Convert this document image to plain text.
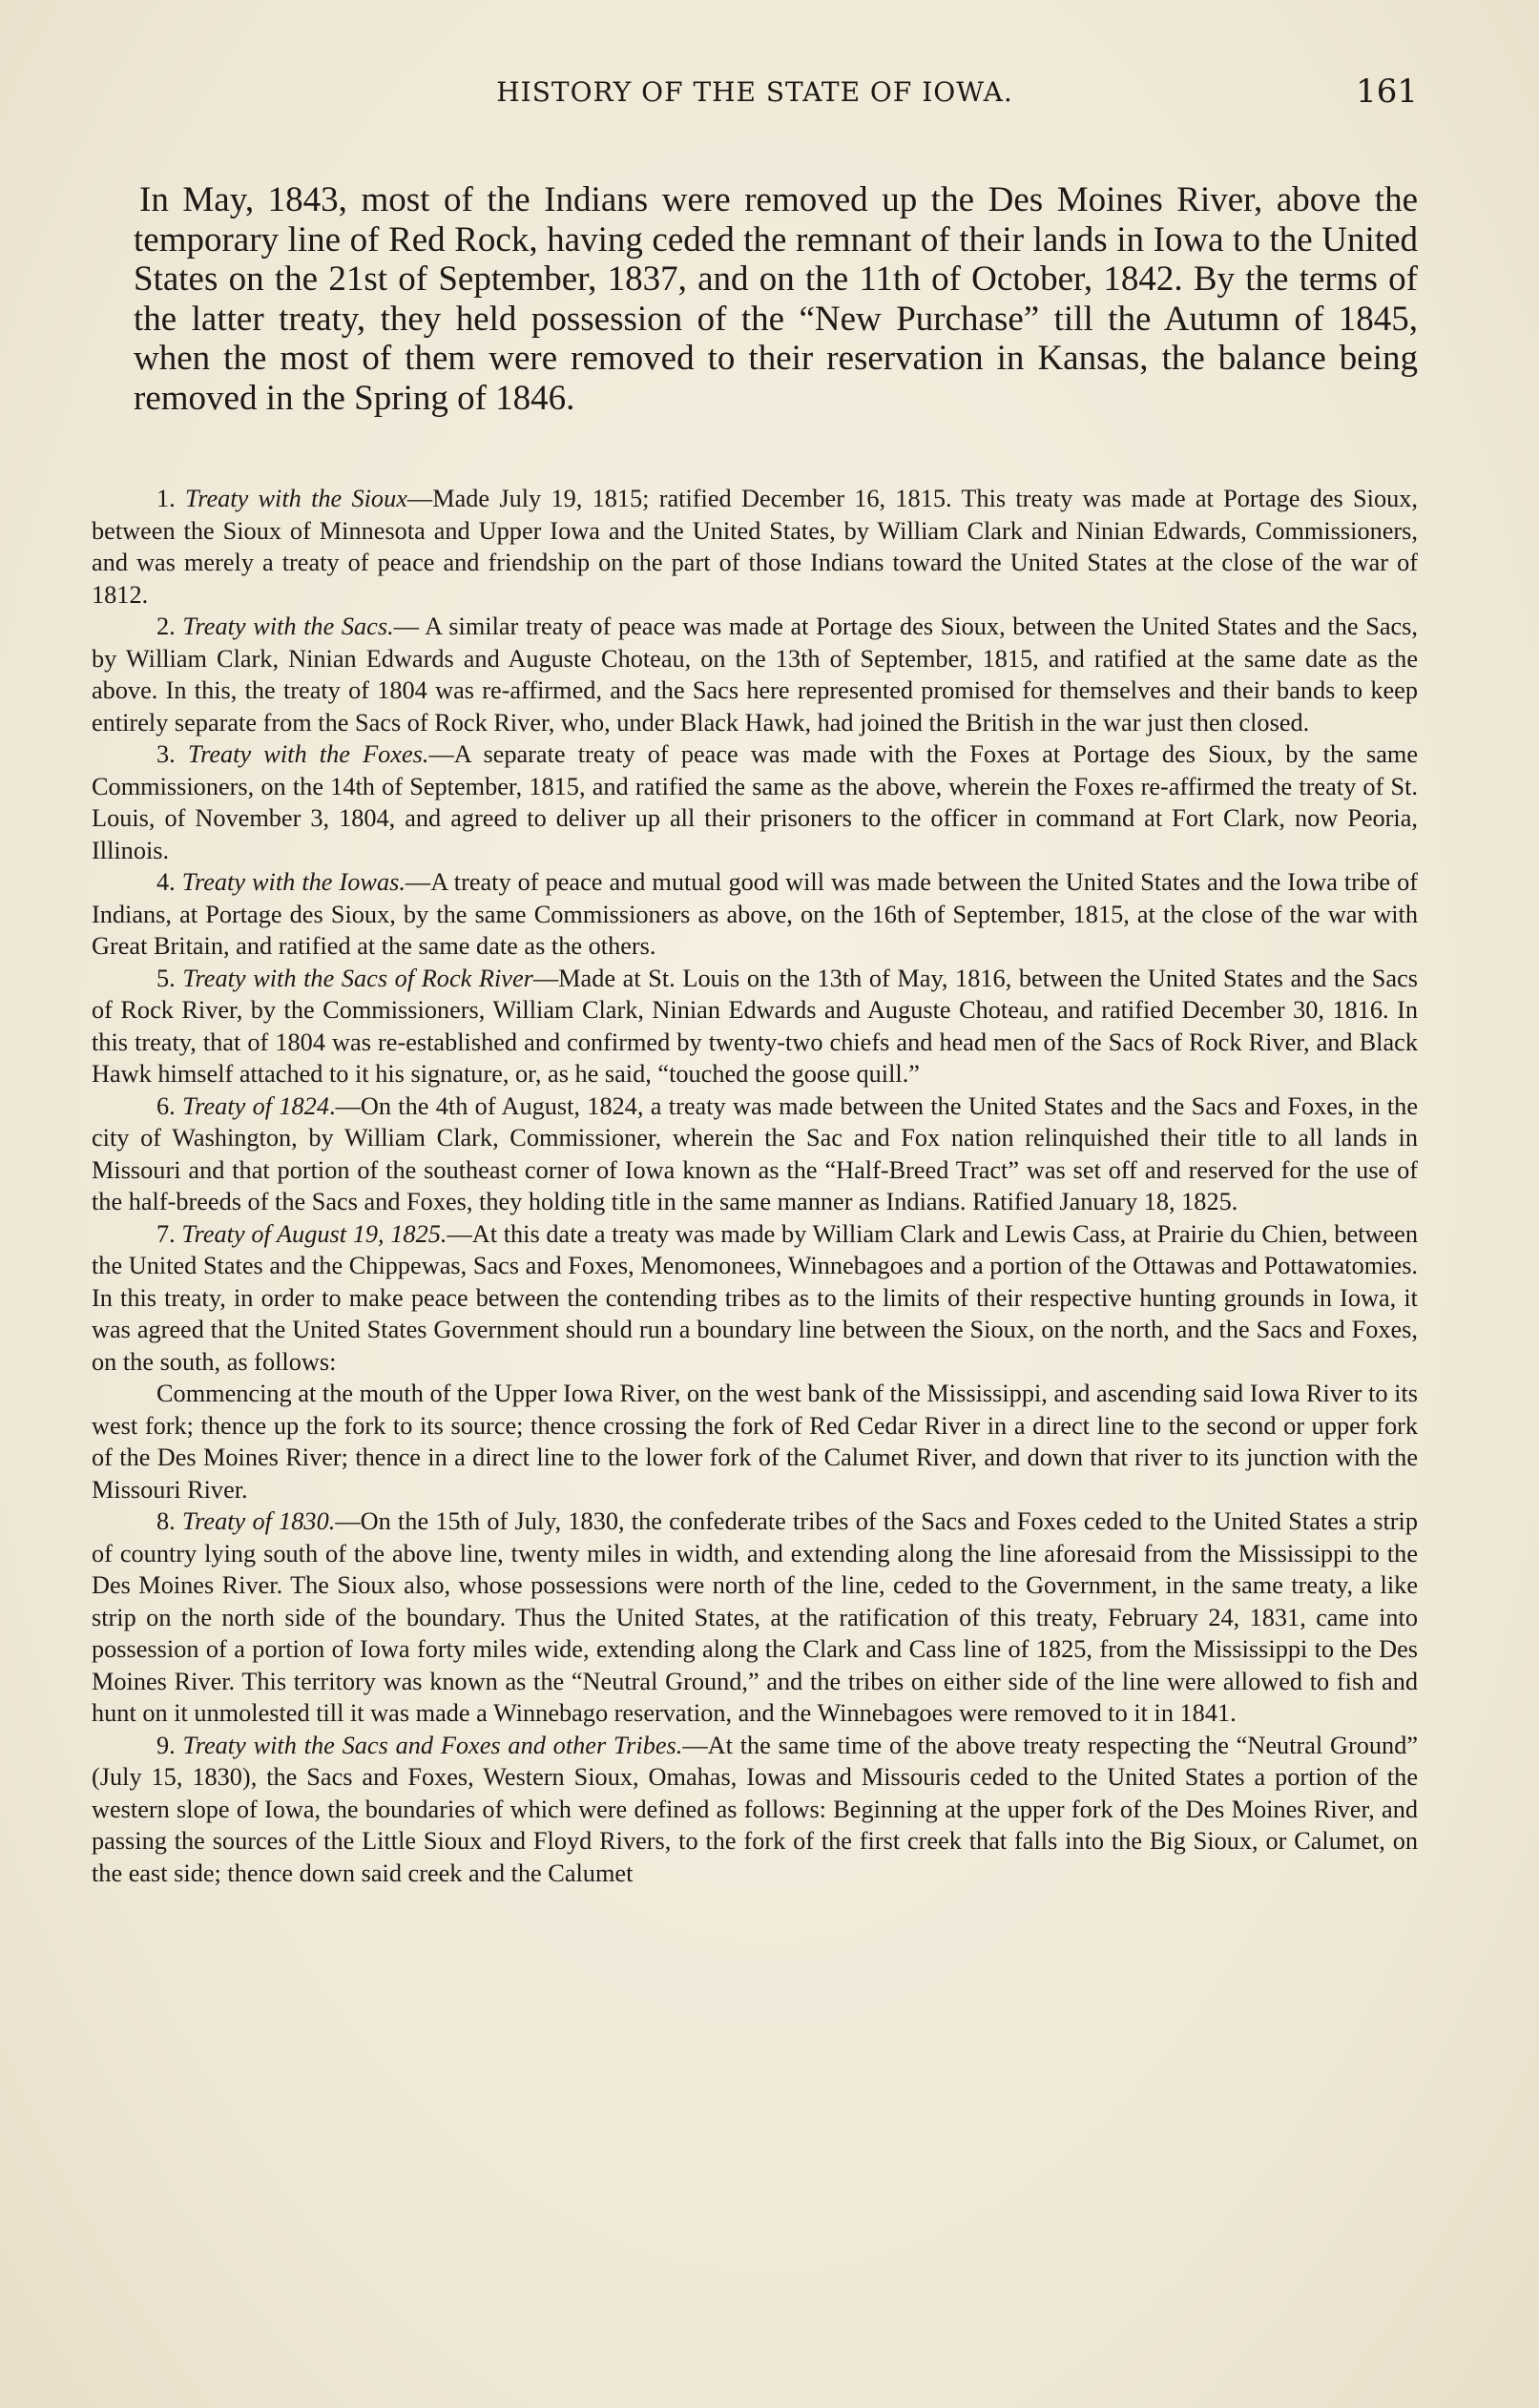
HISTORY OF THE STATE OF IOWA.	161

In May, 1843, most of the Indians were removed up the Des Moines River, above the temporary line of Red Rock, having ceded the remnant of their lands in Iowa to the United States on the 21st of September, 1837, and on the 11th of October, 1842. By the terms of the latter treaty, they held possession of the “New Purchase” till the Autumn of 1845, when the most of them were removed to their reservation in Kansas, the balance being removed in the Spring of 1846.

1. Treaty with the Sioux—Made July 19, 1815; ratified December 16, 1815. This treaty was made at Portage des Sioux, between the Sioux of Minnesota and Upper Iowa and the United States, by William Clark and Ninian Edwards, Commissioners, and was merely a treaty of peace and friendship on the part of those Indians toward the United States at the close of the war of 1812.

2. Treaty with the Sacs.— A similar treaty of peace was made at Portage des Sioux, between the United States and the Sacs, by William Clark, Ninian Edwards and Auguste Choteau, on the 13th of September, 1815, and ratified at the same date as the above. In this, the treaty of 1804 was re-affirmed, and the Sacs here represented promised for themselves and their bands to keep entirely separate from the Sacs of Rock River, who, under Black Hawk, had joined the British in the war just then closed.

3. Treaty with the Foxes.—A separate treaty of peace was made with the Foxes at Portage des Sioux, by the same Commissioners, on the 14th of September, 1815, and ratified the same as the above, wherein the Foxes re-affirmed the treaty of St. Louis, of November 3, 1804, and agreed to deliver up all their prisoners to the officer in command at Fort Clark, now Peoria, Illinois.

4. Treaty with the Iowas.—A treaty of peace and mutual good will was made between the United States and the Iowa tribe of Indians, at Portage des Sioux, by the same Commissioners as above, on the 16th of September, 1815, at the close of the war with Great Britain, and ratified at the same date as the others.

5. Treaty with the Sacs of Rock River—Made at St. Louis on the 13th of May, 1816, between the United States and the Sacs of Rock River, by the Commissioners, William Clark, Ninian Edwards and Auguste Choteau, and ratified December 30, 1816. In this treaty, that of 1804 was re-established and confirmed by twenty-two chiefs and head men of the Sacs of Rock River, and Black Hawk himself attached to it his signature, or, as he said, “touched the goose quill.”

6. Treaty of 1824.—On the 4th of August, 1824, a treaty was made between the United States and the Sacs and Foxes, in the city of Washington, by William Clark, Commissioner, wherein the Sac and Fox nation relinquished their title to all lands in Missouri and that portion of the southeast corner of Iowa known as the “Half-Breed Tract” was set off and reserved for the use of the half-breeds of the Sacs and Foxes, they holding title in the same manner as Indians. Ratified January 18, 1825.

7. Treaty of August 19, 1825.—At this date a treaty was made by William Clark and Lewis Cass, at Prairie du Chien, between the United States and the Chippewas, Sacs and Foxes, Menomonees, Winnebagoes and a portion of the Ottawas and Pottawatomies. In this treaty, in order to make peace between the contending tribes as to the limits of their respective hunting grounds in Iowa, it was agreed that the United States Government should run a boundary line between the Sioux, on the north, and the Sacs and Foxes, on the south, as follows:

Commencing at the mouth of the Upper Iowa River, on the west bank of the Mississippi, and ascending said Iowa River to its west fork; thence up the fork to its source; thence crossing the fork of Red Cedar River in a direct line to the second or upper fork of the Des Moines River; thence in a direct line to the lower fork of the Calumet River, and down that river to its junction with the Missouri River.

8. Treaty of 1830.—On the 15th of July, 1830, the confederate tribes of the Sacs and Foxes ceded to the United States a strip of country lying south of the above line, twenty miles in width, and extending along the line aforesaid from the Mississippi to the Des Moines River. The Sioux also, whose possessions were north of the line, ceded to the Government, in the same treaty, a like strip on the north side of the boundary. Thus the United States, at the ratification of this treaty, February 24, 1831, came into possession of a portion of Iowa forty miles wide, extending along the Clark and Cass line of 1825, from the Mississippi to the Des Moines River. This territory was known as the “Neutral Ground,” and the tribes on either side of the line were allowed to fish and hunt on it unmolested till it was made a Winnebago reservation, and the Winnebagoes were removed to it in 1841.

9. Treaty with the Sacs and Foxes and other Tribes.—At the same time of the above treaty respecting the “Neutral Ground” (July 15, 1830), the Sacs and Foxes, Western Sioux, Omahas, Iowas and Missouris ceded to the United States a portion of the western slope of Iowa, the boundaries of which were defined as follows: Beginning at the upper fork of the Des Moines River, and passing the sources of the Little Sioux and Floyd Rivers, to the fork of the first creek that falls into the Big Sioux, or Calumet, on the east side; thence down said creek and the Calumet
